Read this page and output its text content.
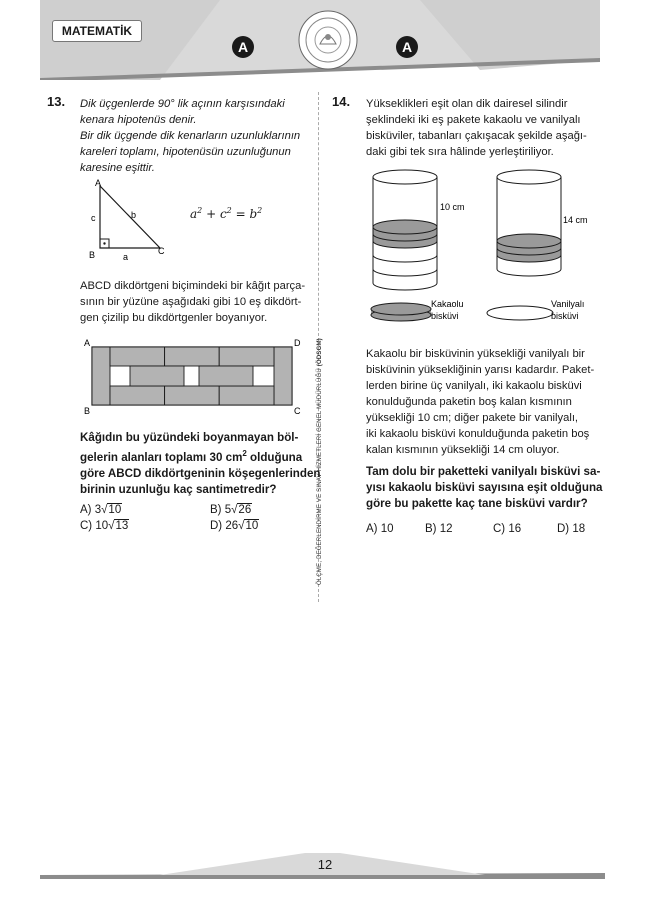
MATEMATİK
A	A
ÖLÇME, DEĞERLENDİRME VE SINAV HİZMETLERİ GENEL MÜDÜRLÜĞÜ (ÖDSGM)
13. Dik üçgenlerde 90° lik açının karşısındaki
kenara hipotenüs denir.
Bir dik üçgende dik kenarların uzunluklarının
kareleri toplamı, hipotenüsün uzunluğunun
karesine eşittir.
A
B	C
a
b
c	$a^2 + c^2 = b^2$
ABCD dikdörtgeni biçimindeki bir kâğıt parça-
sının bir yüzüne aşağıdaki gibi 10 eş dikdört-
gen çizilip bu dikdörtgenler boyanıyor.
A	D
B	C
Kâğıdın bu yüzündeki boyanmayan böl-
gelerin alanları toplamı 30 $cm^2$ olduğuna
göre ABCD dikdörtgeninin köşegenlerinden
birinin uzunluğu kaç santimetredir?
A) 3√10	B) 5√26
C) 10√13	D) 26√10
14. Yükseklikleri eşit olan dik dairesel silindir
şeklindeki iki eş pakete kakaolu ve vanilyalı
bisküviler, tabanları çakışacak şekilde aşağı-
daki gibi tek sıra hâlinde yerleştiriliyor.
10 cm
14 cm
Kakaolu
bisküvi
Vanilyalı
bisküvi
Kakaolu bir bisküvinin yüksekliği vanilyalı bir
bisküvinin yüksekliğinin yarısı kadardır. Paket-
lerden birine üç vanilyalı, iki kakaolu bisküvi
konulduğunda paketin boş kalan kısmının
yüksekliği 10 cm; diğer pakete bir vanilyalı,
iki kakaolu bisküvi konulduğunda paketin boş
kalan kısmının yüksekliği 14 cm oluyor.
Tam dolu bir paketteki vanilyalı bisküvi sa-
yısı kakaolu bisküvi sayısına eşit olduğuna
göre bu pakette kaç tane bisküvi vardır?
A) 10	B) 12	C) 16	D) 18
12
